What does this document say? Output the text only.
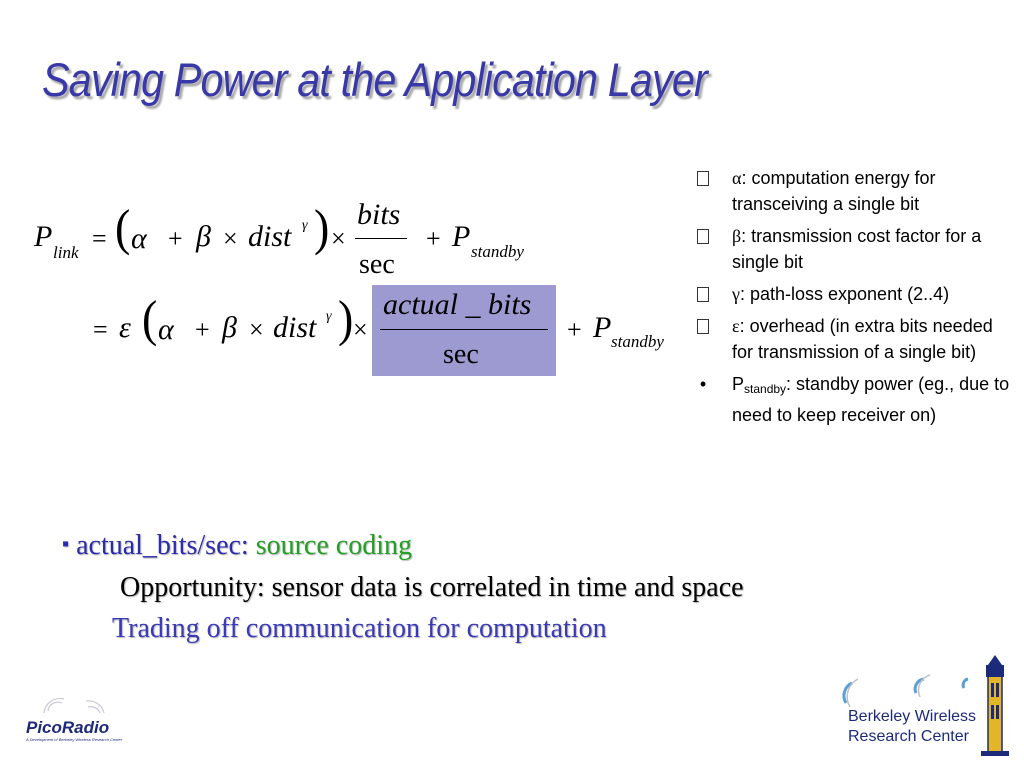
Saving Power at the Application Layer
P link = ( α + β × dist γ ) ×
bits
sec
+ P standby
= ε ( α + β × dist γ ) ×
actual _ bits
sec
+ P standby
α: computation energy for transceiving a single bit
β: transmission cost factor for a single bit
γ: path-loss exponent (2..4)
ε: overhead (in extra bits needed for transmission of a single bit)
• $P_{standby}$: standby power (eg., due to need to keep receiver on)
▪ actual_bits/sec: source coding
Opportunity: sensor data is correlated in time and space
Trading off communication for computation
PicoRadio
A Development of Berkeley Wireless Research Center
Berkeley Wireless
Research Center
